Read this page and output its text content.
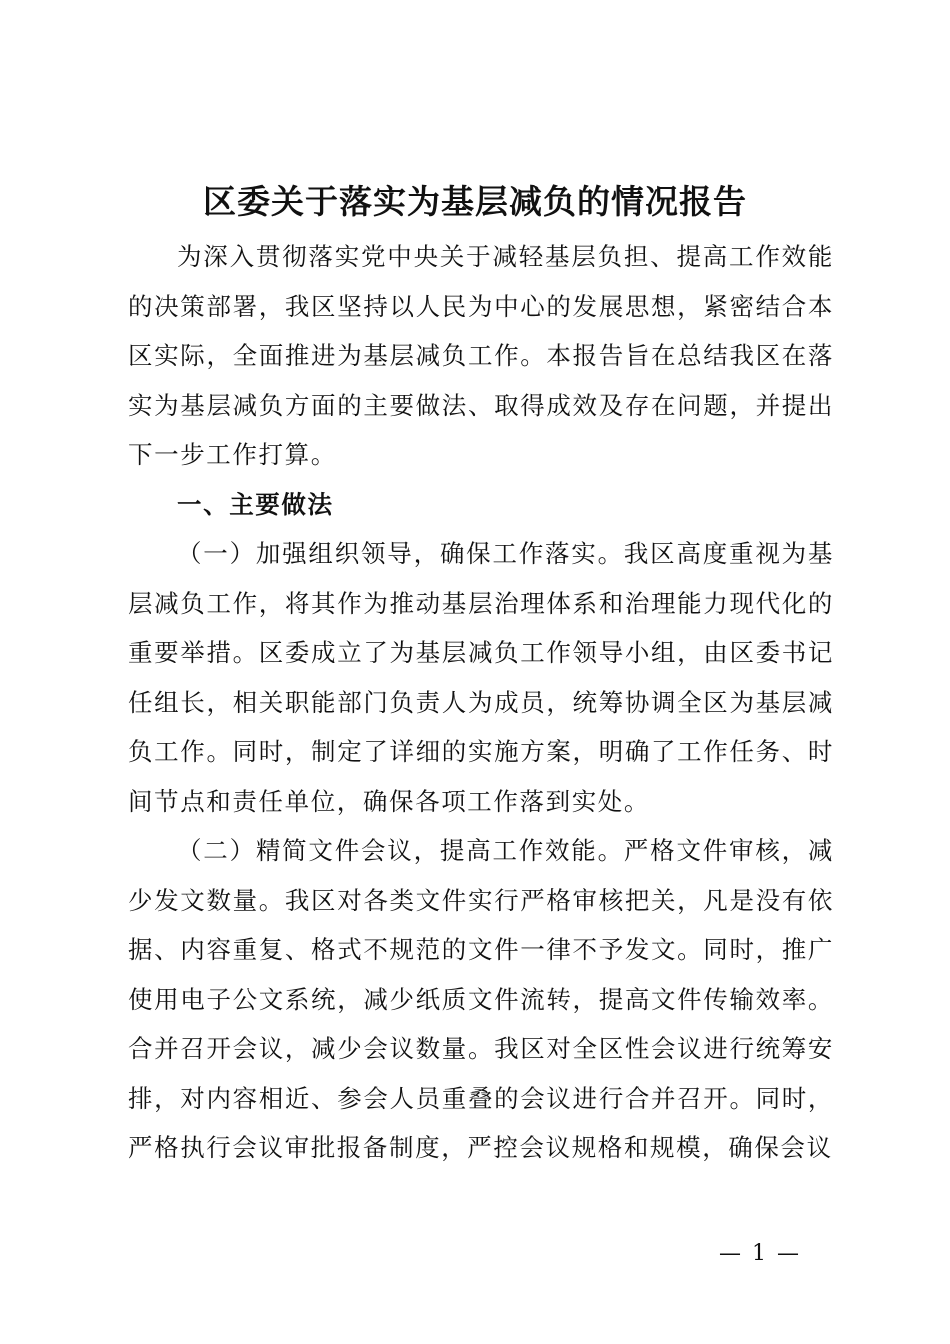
区委关于落实为基层减负的情况报告

为深入贯彻落实党中央关于减轻基层负担、提高工作效能的决策部署，我区坚持以人民为中心的发展思想，紧密结合本区实际，全面推进为基层减负工作。本报告旨在总结我区在落实为基层减负方面的主要做法、取得成效及存在问题，并提出下一步工作打算。

一、主要做法

（一）加强组织领导，确保工作落实。我区高度重视为基层减负工作，将其作为推动基层治理体系和治理能力现代化的重要举措。区委成立了为基层减负工作领导小组，由区委书记任组长，相关职能部门负责人为成员，统筹协调全区为基层减负工作。同时，制定了详细的实施方案，明确了工作任务、时间节点和责任单位，确保各项工作落到实处。

（二）精简文件会议，提高工作效能。严格文件审核，减少发文数量。我区对各类文件实行严格审核把关，凡是没有依据、内容重复、格式不规范的文件一律不予发文。同时，推广使用电子公文系统，减少纸质文件流转，提高文件传输效率。合并召开会议，减少会议数量。我区对全区性会议进行统筹安排，对内容相近、参会人员重叠的会议进行合并召开。同时，严格执行会议审批报备制度，严控会议规格和规模，确保会议

— 1 —
